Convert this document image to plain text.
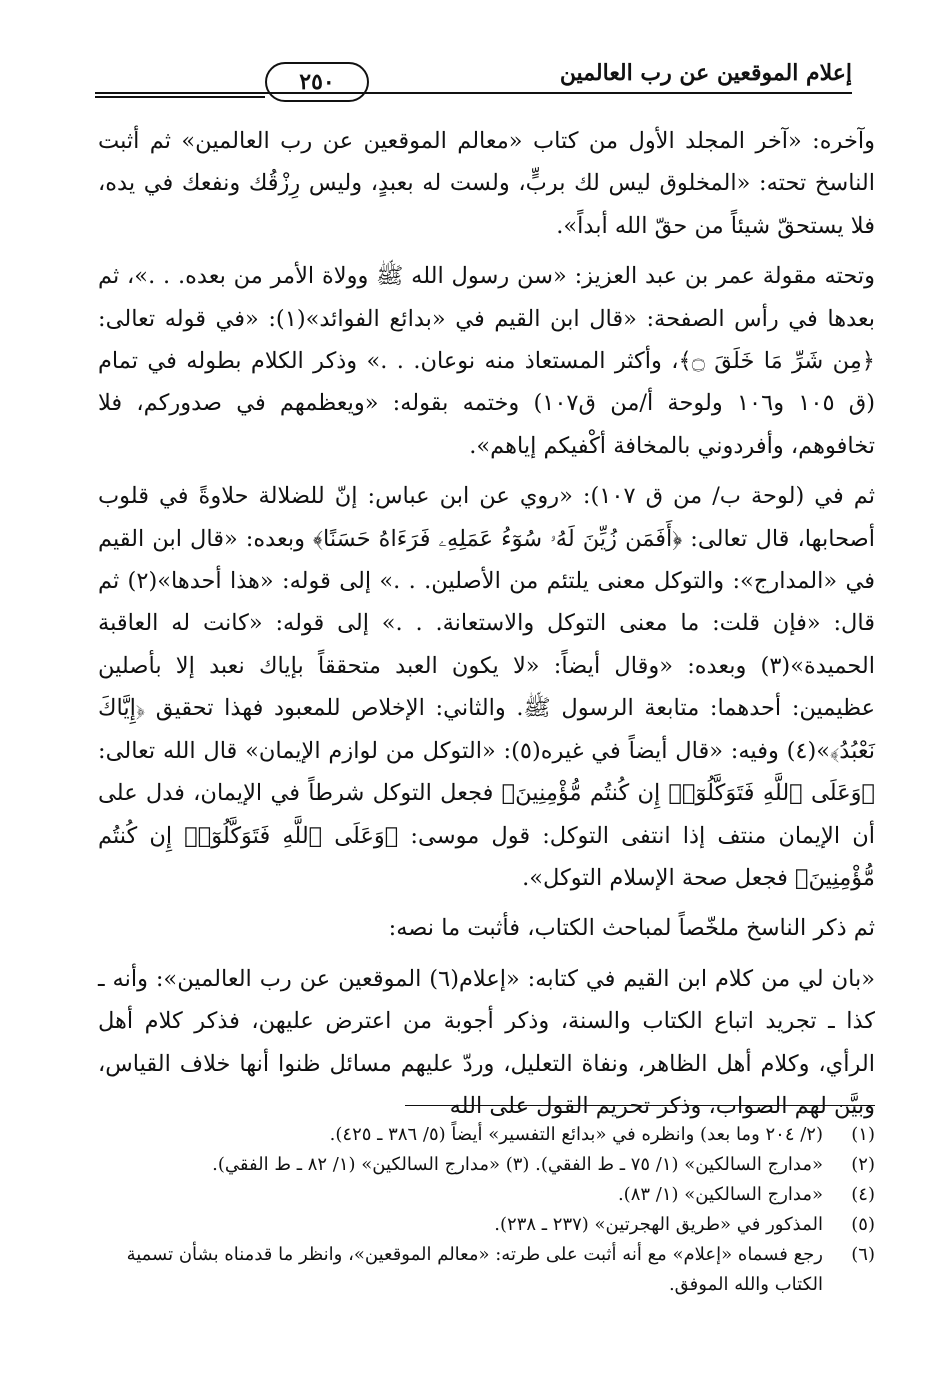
إعلام الموقعين عن رب العالمين
٢٥٠

وآخره: «آخر المجلد الأول من كتاب «معالم الموقعين عن رب العالمين» ثم أثبت الناسخ تحته: «المخلوق ليس لك بربٍّ، ولست له بعبدٍ، وليس رِزْقُك ونفعك في يده، فلا يستحقّ شيئاً من حقّ الله أبداً».

وتحته مقولة عمر بن عبد العزيز: «سن رسول الله ﷺ وولاة الأمر من بعده. . .»، ثم بعدها في رأس الصفحة: «قال ابن القيم في «بدائع الفوائد»(١): «في قوله تعالى: ﴿مِن شَرِّ مَا خَلَقَ ۝﴾، وأكثر المستعاذ منه نوعان. . .» وذكر الكلام بطوله في تمام (ق ١٠٥ و١٠٦ ولوحة أ/من ق١٠٧) وختمه بقوله: «ويعظمهم في صدوركم، فلا تخافوهم، وأفردوني بالمخافة أكْفيكم إياهم».

ثم في (لوحة ب/ من ق ١٠٧): «روي عن ابن عباس: إنّ للضلالة حلاوةً في قلوب أصحابها، قال تعالى: ﴿أَفَمَن زُيِّنَ لَهُۥ سُوٓءُ عَمَلِهِۦ فَرَءَاهُ حَسَنًا﴾ وبعده: «قال ابن القيم في «المدارج»: والتوكل معنى يلتئم من الأصلين. . .» إلى قوله: «هذا أحدها»(٢) ثم قال: «فإن قلت: ما معنى التوكل والاستعانة. . .» إلى قوله: «كانت له العاقبة الحميدة»(٣) وبعده: «وقال أيضاً: «لا يكون العبد متحققاً بإياك نعبد إلا بأصلين عظيمين: أحدهما: متابعة الرسول ﷺ. والثاني: الإخلاص للمعبود فهذا تحقيق ﴿إِيَّاكَ نَعْبُدُ﴾»(٤) وفيه: «قال أيضاً في غيره(٥): «التوكل من لوازم الإيمان» قال الله تعالى: ﴿وَعَلَى ٱللَّهِ فَتَوَكَّلُوٓا۟ إِن كُنتُم مُّؤْمِنِينَ﴾ فجعل التوكل شرطاً في الإيمان، فدل على أن الإيمان منتف إذا انتفى التوكل: قول موسى: ﴿وَعَلَى ٱللَّهِ فَتَوَكَّلُوٓا۟ إِن كُنتُم مُّؤْمِنِينَ﴾ فجعل صحة الإسلام التوكل».

ثم ذكر الناسخ ملخّصاً لمباحث الكتاب، فأثبت ما نصه:

«بان لي من كلام ابن القيم في كتابه: «إعلام(٦) الموقعين عن رب العالمين»: وأنه ـ كذا ـ تجريد اتباع الكتاب والسنة، وذكر أجوبة من اعترض عليهن، فذكر كلام أهل الرأي، وكلام أهل الظاهر، ونفاة التعليل، وردّ عليهم مسائل ظنوا أنها خلاف القياس، وبيَّن لهم الصواب، وذكر تحريم القول على الله

(١)
(٢/ ٢٠٤ وما بعد) وانظره في «بدائع التفسير» أيضاً (٥/ ٣٨٦ ـ ٤٢٥).
(٢)
«مدارج السالكين» (١/ ٧٥ ـ ط الفقي). (٣) «مدارج السالكين» (١/ ٨٢ ـ ط الفقي).
(٤)
«مدارج السالكين» (١/ ٨٣).
(٥)
المذكور في «طريق الهجرتين» (٢٣٧ ـ ٢٣٨).
(٦)
رجع فسماه «إعلام» مع أنه أثبت على طرته: «معالم الموقعين»، وانظر ما قدمناه بشأن تسمية الكتاب والله الموفق.
